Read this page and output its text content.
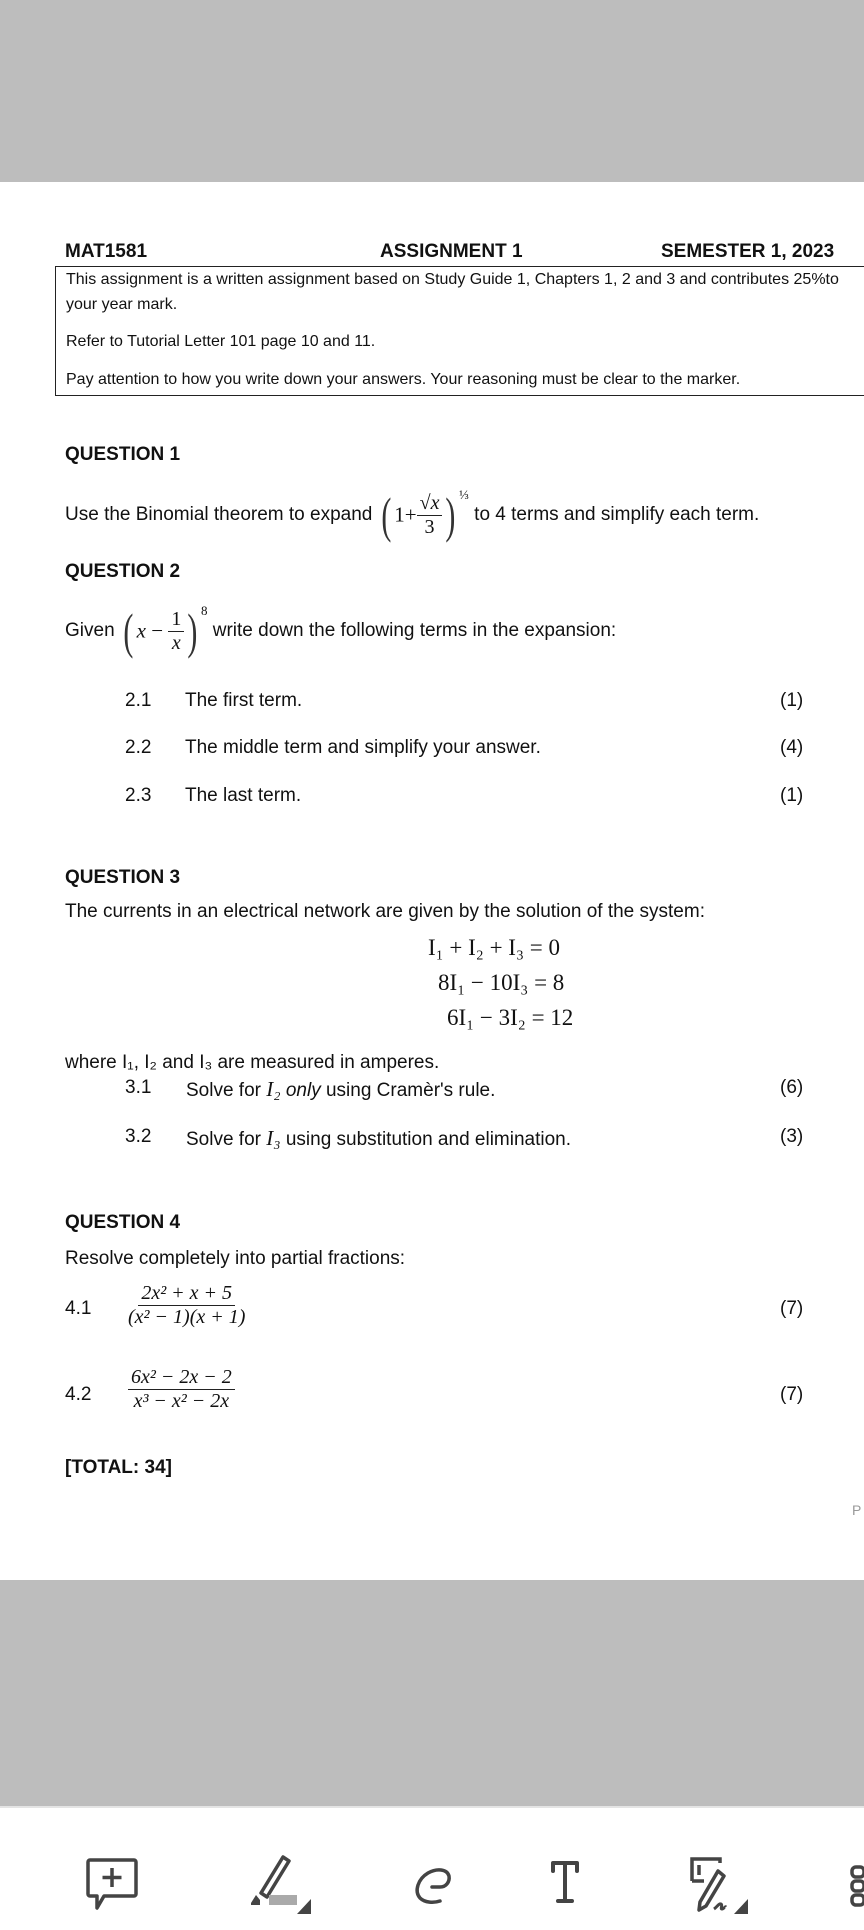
MAT1581	ASSIGNMENT 1	SEMESTER 1, 2023
This assignment is a written assignment based on Study Guide 1, Chapters 1, 2 and 3 and contributes 25%to
your year mark.
Refer to Tutorial Letter 101 page 10 and 11.
Pay attention to how you write down your answers. Your reasoning must be clear to the marker.
QUESTION 1
Use the Binomial theorem to expand ( $1+ \frac{√x}{3}$ ) $^{\frac{1}{3}}$ to 4 terms and simplify each term.
QUESTION 2
Given ( $x - \frac{1}{x}$ ) $^8$ write down the following terms in the expansion:
2.1 The first term.	(1)
2.2 The middle term and simplify your answer.	(4)
2.3 The last term.	(1)
QUESTION 3
The currents in an electrical network are given by the solution of the system:
I₁ + I₂ + I₃ = 0
8I₁ − 10I₃ = 8
6I₁ − 3I₂ = 12
where I₁, I₂ and I₃ are measured in amperes.
3.1 Solve for I₂ only using Cramèr's rule.	(6)
3.2 Solve for I₃ using substitution and elimination.	(3)
QUESTION 4
Resolve completely into partial fractions:
$4.1 \frac{\text{2x² + x + 5}}{\text{(x² − 1)(x + 1)}}$	(7)
$4.2 \frac{\text{6x² − 2x − 2}}{\text{x³ − x² − 2x}}$	(7)
[TOTAL: 34]
P
